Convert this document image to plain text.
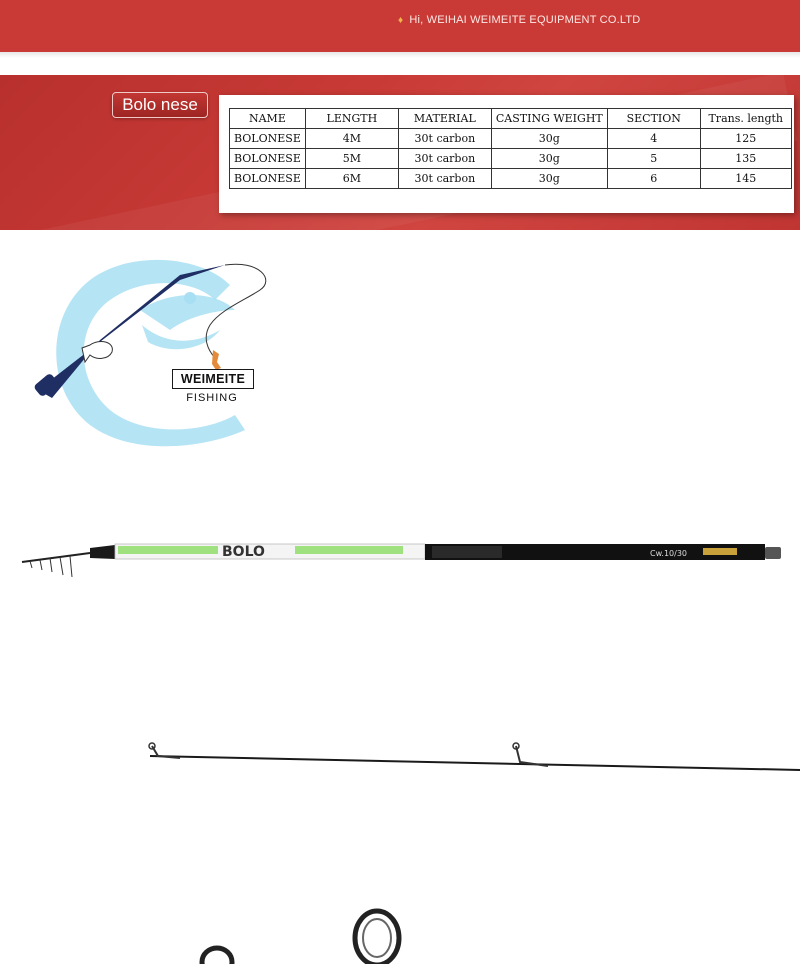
♦ Hi, WEIHAI WEIMEITE EQUIPMENT CO.LTD
Bolo nese
NAME	LENGTH	MATERIAL	CASTING WEIGHT	SECTION	Trans. length
BOLONESE	4M	30t carbon	30g	4	125
BOLONESE	5M	30t carbon	30g	5	135
BOLONESE	6M	30t carbon	30g	6	145
WEIMEITE
FISHING
BOLO	Cw.10/30
